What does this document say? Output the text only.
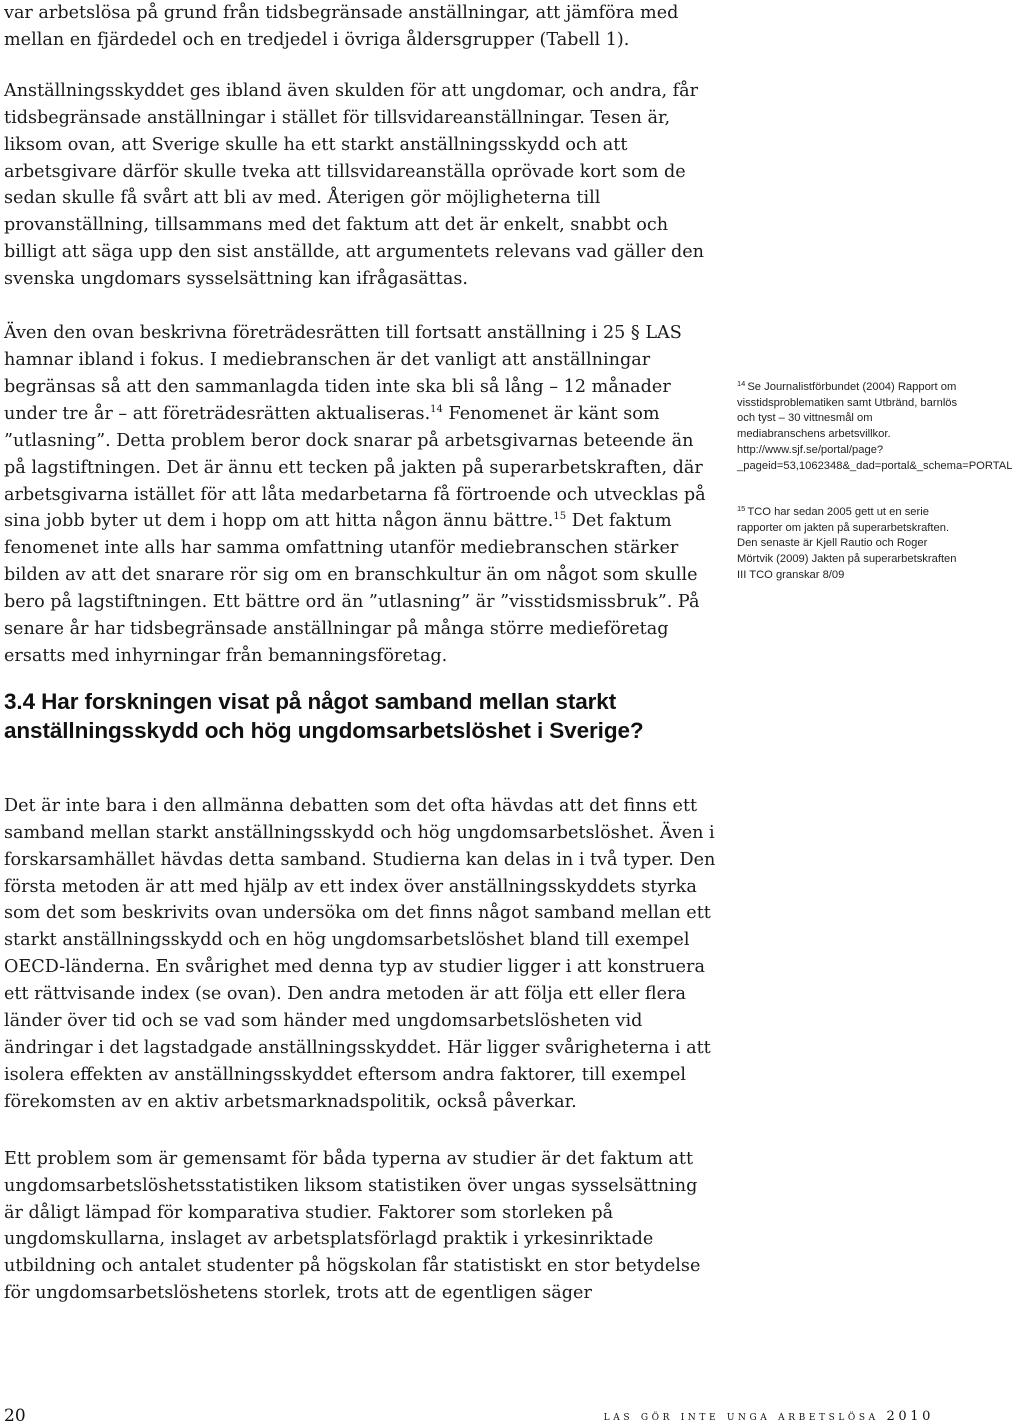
var arbetslösa på grund från tidsbegränsade anställningar, att jämföra med mellan en fjärdedel och en tredjedel i övriga åldersgrupper (Tabell 1).

Anställningsskyddet ges ibland även skulden för att ungdomar, och andra, får tidsbegränsade anställningar i stället för tillsvidareanställningar. Tesen är, liksom ovan, att Sverige skulle ha ett starkt anställningsskydd och att arbetsgivare därför skulle tveka att tillsvidareanställa oprövade kort som de sedan skulle få svårt att bli av med. Återigen gör möjligheterna till provanställning, tillsammans med det faktum att det är enkelt, snabbt och billigt att säga upp den sist anställde, att argumentets relevans vad gäller den svenska ungdomars sysselsättning kan ifrågasättas.

Även den ovan beskrivna företrädesrätten till fortsatt anställning i 25 § LAS hamnar ibland i fokus. I mediebranschen är det vanligt att anställningar begränsas så att den sammanlagda tiden inte ska bli så lång – 12 månader under tre år – att företrädesrätten aktualiseras.$^{14}$ Fenomenet är känt som ”utlasning”. Detta problem beror dock snarar på arbetsgivarnas beteende än på lagstiftningen. Det är ännu ett tecken på jakten på superarbetskraften, där arbetsgivarna istället för att låta medarbetarna få förtroende och utvecklas på sina jobb byter ut dem i hopp om att hitta någon ännu bättre.$^{15}$ Det faktum fenomenet inte alls har samma omfattning utanför mediebranschen stärker bilden av att det snarare rör sig om en branschkultur än om något som skulle bero på lagstiftningen. Ett bättre ord än ”utlasning” är ”visstidsmissbruk”. På senare år har tidsbegränsade anställningar på många större medieföretag ersatts med inhyrningar från bemanningsföretag.

3.4 Har forskningen visat på något samband mellan starkt anställningsskydd och hög ungdomsarbetslöshet i Sverige?

Det är inte bara i den allmänna debatten som det ofta hävdas att det finns ett samband mellan starkt anställningsskydd och hög ungdomsarbetslöshet. Även i forskarsamhället hävdas detta samband. Studierna kan delas in i två typer. Den första metoden är att med hjälp av ett index över anställningsskyddets styrka som det som beskrivits ovan undersöka om det finns något samband mellan ett starkt anställningsskydd och en hög ungdomsarbetslöshet bland till exempel OECD-länderna. En svårighet med denna typ av studier ligger i att konstruera ett rättvisande index (se ovan). Den andra metoden är att följa ett eller flera länder över tid och se vad som händer med ungdomsarbetslösheten vid ändringar i det lagstadgade anställningsskyddet. Här ligger svårigheterna i att isolera effekten av anställningsskyddet eftersom andra faktorer, till exempel förekomsten av en aktiv arbetsmarknadspolitik, också påverkar.

Ett problem som är gemensamt för båda typerna av studier är det faktum att ungdomsarbetslöshetsstatistiken liksom statistiken över ungas sysselsättning är dåligt lämpad för komparativa studier. Faktorer som storleken på ungdomskullarna, inslaget av arbetsplatsförlagd praktik i yrkesinriktade utbildning och antalet studenter på högskolan får statistiskt en stor betydelse för ungdomsarbetslöshetens storlek, trots att de egentligen säger

$^{14}$ Se Journalistförbundet (2004) Rapport om visstidsproblematiken samt Utbränd, barnlös och tyst – 30 vittnesmål om mediabranschens arbetsvillkor. http://www.sjf.se/portal/page?_pageid=53,1062348&_dad=portal&_schema=PORTAL

$^{15}$ TCO har sedan 2005 gett ut en serie rapporter om jakten på superarbetskraften. Den senaste är Kjell Rautio och Roger Mörtvik (2009) Jakten på superarbetskraften III TCO granskar 8/09

20	las gör inte unga arbetslösa 2010
